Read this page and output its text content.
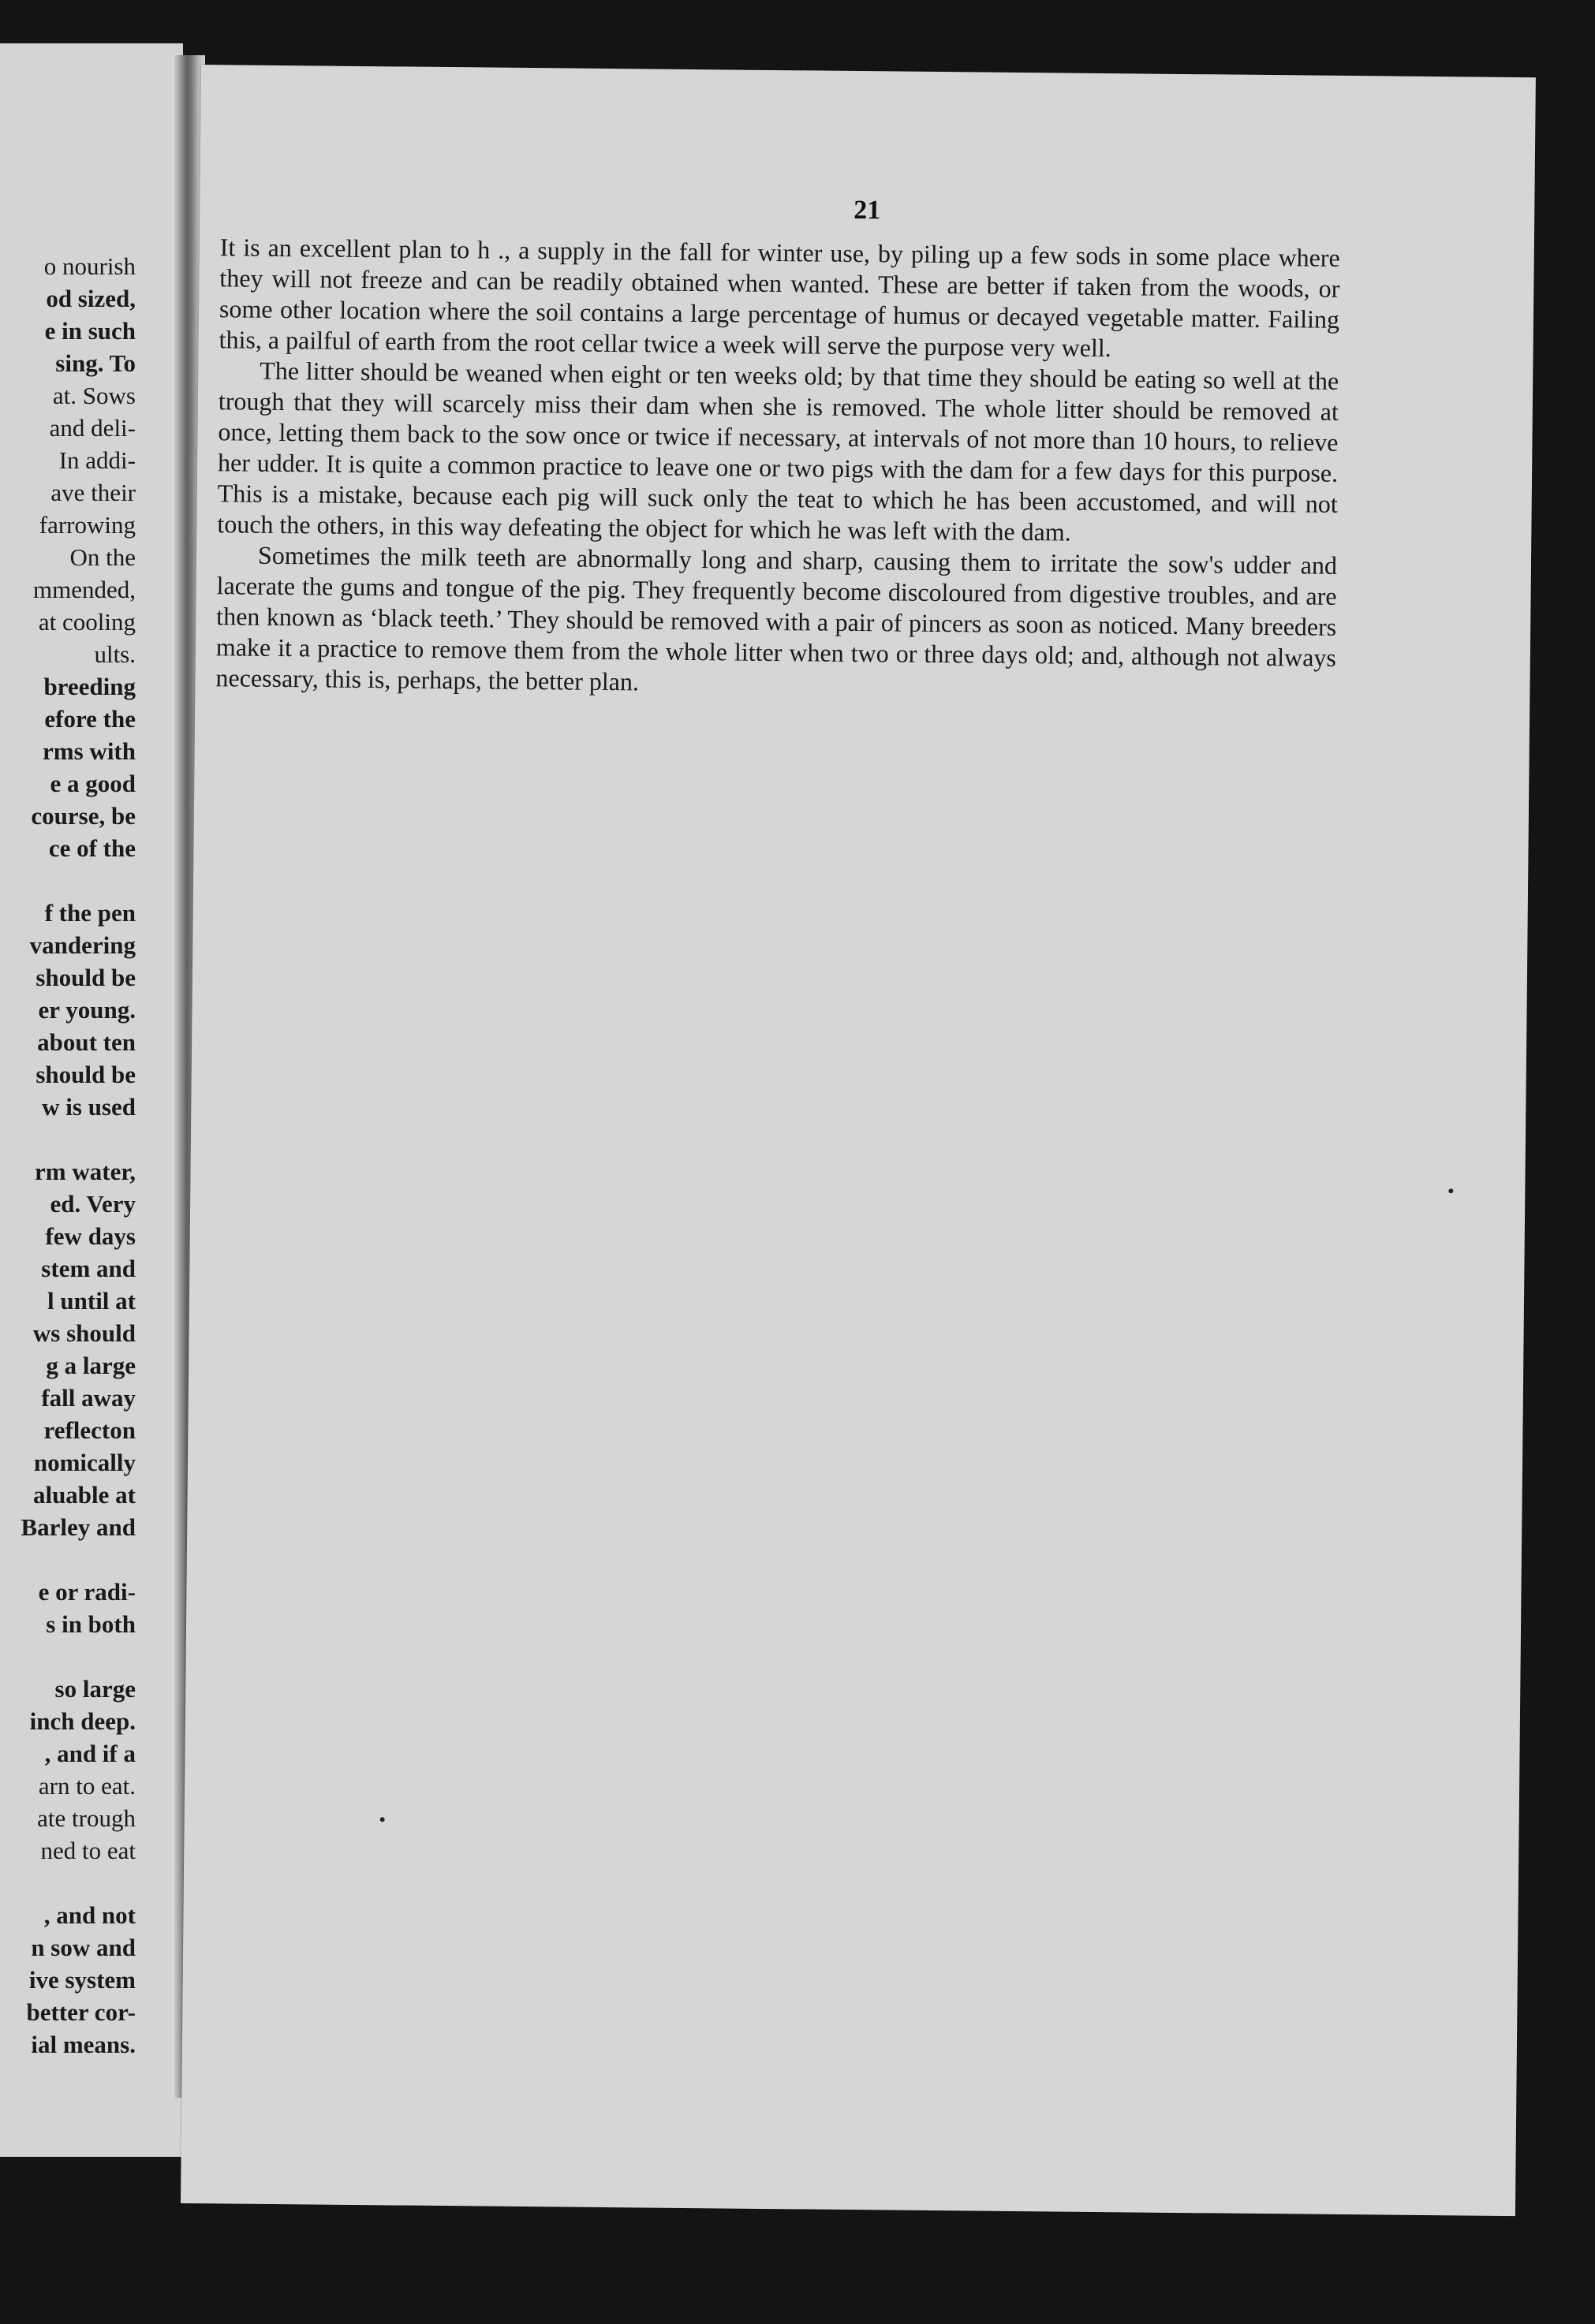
o nourish
od sized,
e in such
sing. To
at. Sows
and deli-
In addi-
ave their
farrowing
On the
mmended,
at cooling
ults.
breeding
efore the
rms with
e a good
course, be
ce of the
f the pen
vandering
should be
er young.
about ten
should be
w is used
rm water,
ed. Very
few days
stem and
l until at
ws should
g a large
fall away
reflecton
nomically
aluable at
Barley and
e or radi-
s in both
so large
inch deep.
, and if a
arn to eat.
ate trough
ned to eat
, and not
n sow and
ive system
better cor-
ial means.
21

It is an excellent plan to h ., a supply in the fall for winter use, by piling up a few sods in some place where they will not freeze and can be readily obtained when wanted. These are better if taken from the woods, or some other location where the soil contains a large percentage of humus or decayed vegetable matter. Failing this, a pailful of earth from the root cellar twice a week will serve the purpose very well.

The litter should be weaned when eight or ten weeks old; by that time they should be eating so well at the trough that they will scarcely miss their dam when she is removed. The whole litter should be removed at once, letting them back to the sow once or twice if necessary, at intervals of not more than 10 hours, to relieve her udder. It is quite a common practice to leave one or two pigs with the dam for a few days for this purpose. This is a mistake, because each pig will suck only the teat to which he has been accustomed, and will not touch the others, in this way defeating the object for which he was left with the dam.

Sometimes the milk teeth are abnormally long and sharp, causing them to irritate the sow's udder and lacerate the gums and tongue of the pig. They frequently become discoloured from digestive troubles, and are then known as ‘black teeth.’ They should be removed with a pair of pincers as soon as noticed. Many breeders make it a practice to remove them from the whole litter when two or three days old; and, although not always necessary, this is, perhaps, the better plan.
